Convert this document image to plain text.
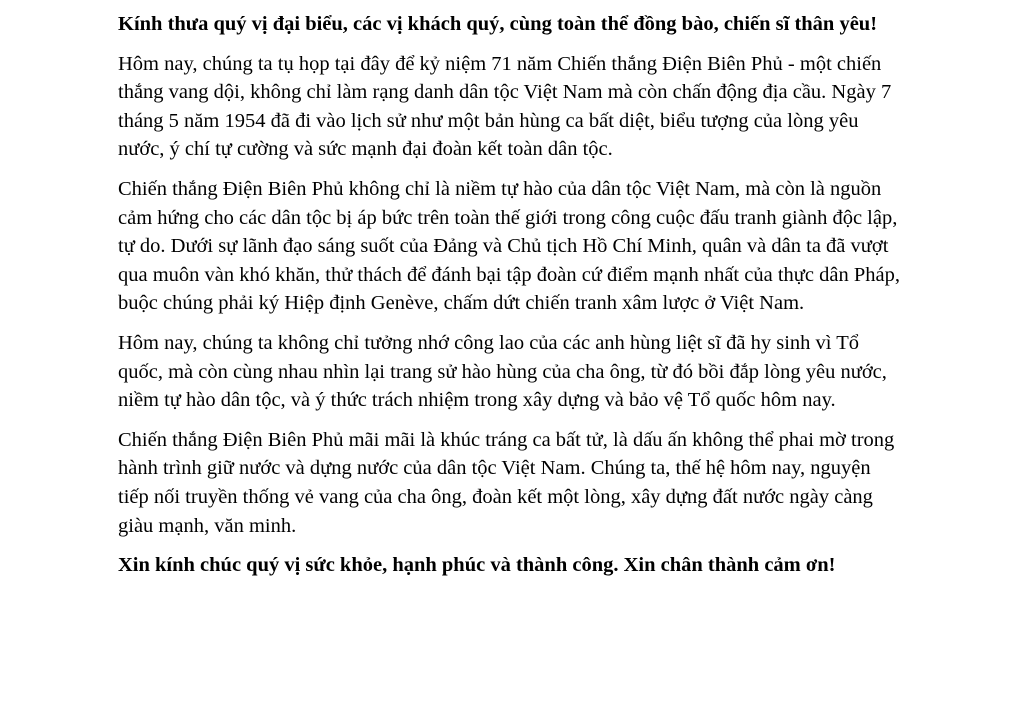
Kính thưa quý vị đại biểu, các vị khách quý, cùng toàn thể đồng bào, chiến sĩ thân yêu!

Hôm nay, chúng ta tụ họp tại đây để kỷ niệm 71 năm Chiến thắng Điện Biên Phủ - một chiến thắng vang dội, không chỉ làm rạng danh dân tộc Việt Nam mà còn chấn động địa cầu. Ngày 7 tháng 5 năm 1954 đã đi vào lịch sử như một bản hùng ca bất diệt, biểu tượng của lòng yêu nước, ý chí tự cường và sức mạnh đại đoàn kết toàn dân tộc.

Chiến thắng Điện Biên Phủ không chỉ là niềm tự hào của dân tộc Việt Nam, mà còn là nguồn cảm hứng cho các dân tộc bị áp bức trên toàn thế giới trong công cuộc đấu tranh giành độc lập, tự do. Dưới sự lãnh đạo sáng suốt của Đảng và Chủ tịch Hồ Chí Minh, quân và dân ta đã vượt qua muôn vàn khó khăn, thử thách để đánh bại tập đoàn cứ điểm mạnh nhất của thực dân Pháp, buộc chúng phải ký Hiệp định Genève, chấm dứt chiến tranh xâm lược ở Việt Nam.

Hôm nay, chúng ta không chỉ tưởng nhớ công lao của các anh hùng liệt sĩ đã hy sinh vì Tổ quốc, mà còn cùng nhau nhìn lại trang sử hào hùng của cha ông, từ đó bồi đắp lòng yêu nước, niềm tự hào dân tộc, và ý thức trách nhiệm trong xây dựng và bảo vệ Tổ quốc hôm nay.

Chiến thắng Điện Biên Phủ mãi mãi là khúc tráng ca bất tử, là dấu ấn không thể phai mờ trong hành trình giữ nước và dựng nước của dân tộc Việt Nam. Chúng ta, thế hệ hôm nay, nguyện tiếp nối truyền thống vẻ vang của cha ông, đoàn kết một lòng, xây dựng đất nước ngày càng giàu mạnh, văn minh.

Xin kính chúc quý vị sức khỏe, hạnh phúc và thành công. Xin chân thành cảm ơn!
